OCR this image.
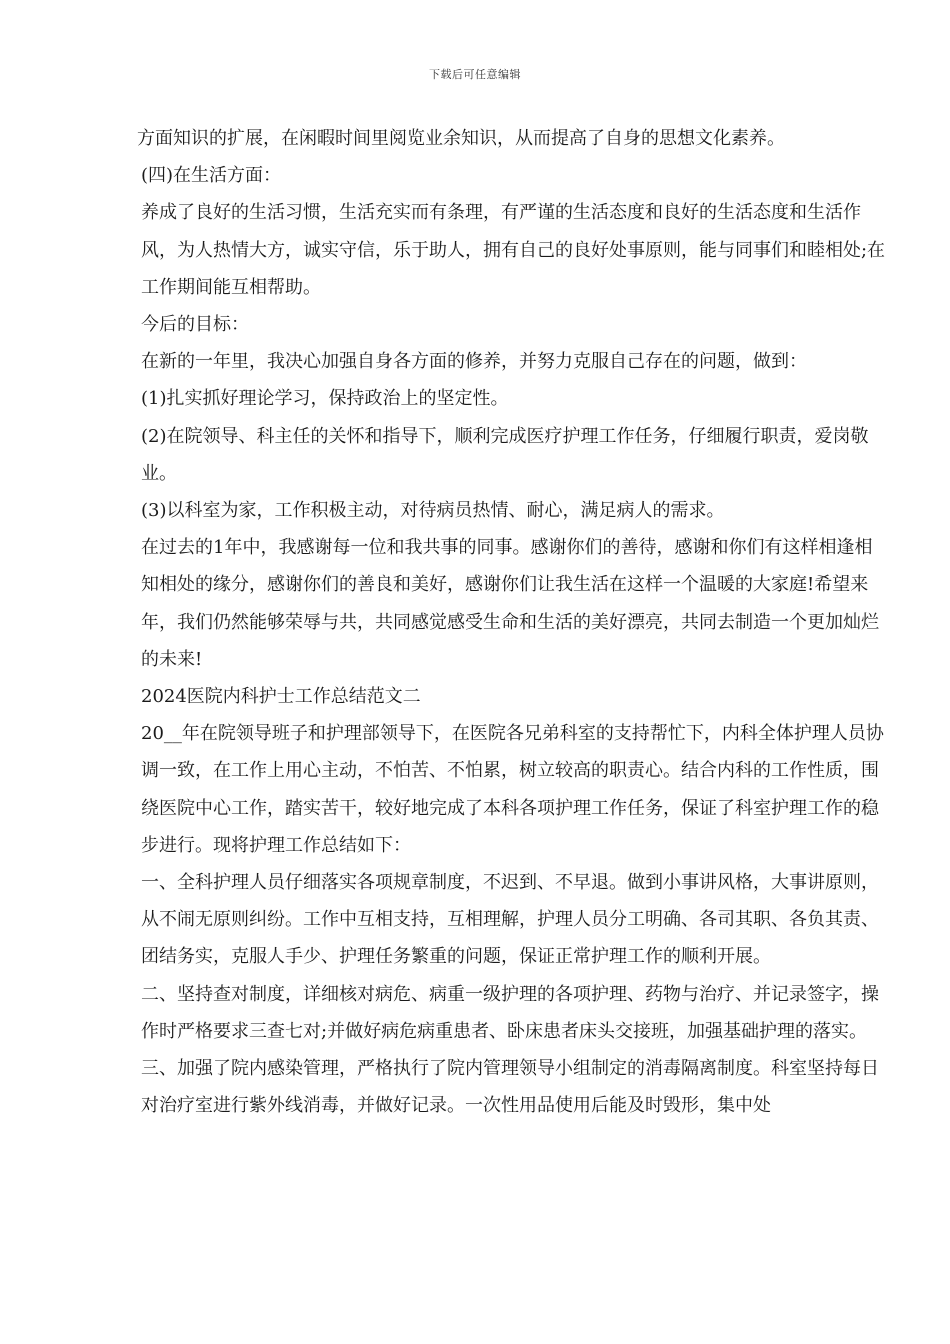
下载后可任意编辑

方面知识的扩展，在闲暇时间里阅览业余知识，从而提高了自身的思想文化素养。

(四)在生活方面：

养成了良好的生活习惯，生活充实而有条理，有严谨的生活态度和良好的生活态度和生活作风，为人热情大方，诚实守信，乐于助人，拥有自己的良好处事原则，能与同事们和睦相处;在工作期间能互相帮助。

今后的目标：

在新的一年里，我决心加强自身各方面的修养，并努力克服自己存在的问题，做到：

(1)扎实抓好理论学习，保持政治上的坚定性。

(2)在院领导、科主任的关怀和指导下，顺利完成医疗护理工作任务，仔细履行职责，爱岗敬业。

(3)以科室为家，工作积极主动，对待病员热情、耐心，满足病人的需求。

在过去的1年中，我感谢每一位和我共事的同事。感谢你们的善待，感谢和你们有这样相逢相知相处的缘分，感谢你们的善良和美好，感谢你们让我生活在这样一个温暖的大家庭!希望来年，我们仍然能够荣辱与共，共同感觉感受生命和生活的美好漂亮，共同去制造一个更加灿烂的未来!

2024医院内科护士工作总结范文二

20__年在院领导班子和护理部领导下，在医院各兄弟科室的支持帮忙下，内科全体护理人员协调一致，在工作上用心主动，不怕苦、不怕累，树立较高的职责心。结合内科的工作性质，围绕医院中心工作，踏实苦干，较好地完成了本科各项护理工作任务，保证了科室护理工作的稳步进行。现将护理工作总结如下：

一、全科护理人员仔细落实各项规章制度，不迟到、不早退。做到小事讲风格，大事讲原则，从不闹无原则纠纷。工作中互相支持，互相理解，护理人员分工明确、各司其职、各负其责、团结务实，克服人手少、护理任务繁重的问题，保证正常护理工作的顺利开展。

二、坚持查对制度，详细核对病危、病重一级护理的各项护理、药物与治疗、并记录签字，操作时严格要求三查七对;并做好病危病重患者、卧床患者床头交接班，加强基础护理的落实。

三、加强了院内感染管理，严格执行了院内管理领导小组制定的消毒隔离制度。科室坚持每日对治疗室进行紫外线消毒，并做好记录。一次性用品使用后能及时毁形，集中处
